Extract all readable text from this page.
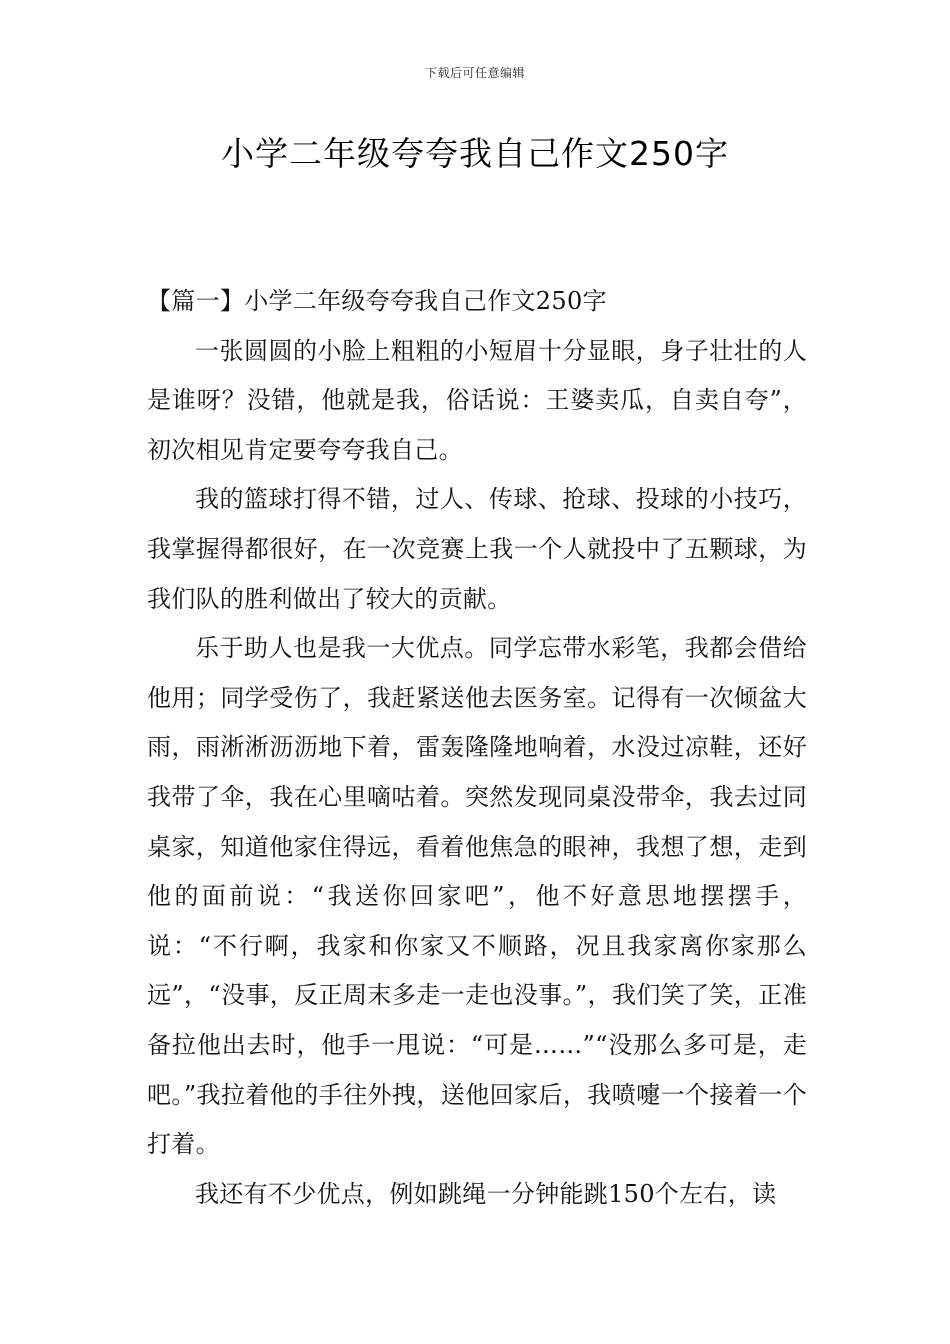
下载后可任意编辑
小学二年级夸夸我自己作文250字

【篇一】小学二年级夸夸我自己作文250字

一张圆圆的小脸上粗粗的小短眉十分显眼，身子壮壮的人是谁呀？没错，他就是我，俗话说：王婆卖瓜，自卖自夸”，初次相见肯定要夸夸我自己。

我的篮球打得不错，过人、传球、抢球、投球的小技巧，我掌握得都很好，在一次竞赛上我一个人就投中了五颗球，为我们队的胜利做出了较大的贡献。

乐于助人也是我一大优点。同学忘带水彩笔，我都会借给他用；同学受伤了，我赶紧送他去医务室。记得有一次倾盆大雨，雨淅淅沥沥地下着，雷轰隆隆地响着，水没过凉鞋，还好我带了伞，我在心里嘀咕着。突然发现同桌没带伞，我去过同桌家，知道他家住得远，看着他焦急的眼神，我想了想，走到他的面前说：“我送你回家吧”，他不好意思地摆摆手，说：“不行啊，我家和你家又不顺路，况且我家离你家那么远”，“没事，反正周末多走一走也没事。”，我们笑了笑，正准备拉他出去时，他手一甩说：“可是……”“没那么多可是，走吧。”我拉着他的手往外拽，送他回家后，我喷嚏一个接着一个打着。

我还有不少优点，例如跳绳一分钟能跳150个左右，读
